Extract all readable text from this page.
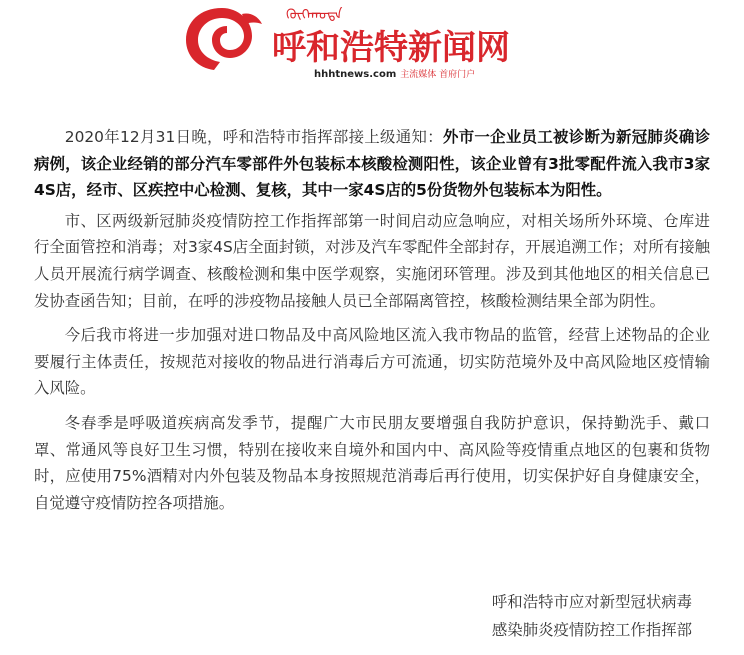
ᠬᠥᠬᠡᠬᠣᠲᠠ
呼和浩特新闻网
hhhtnews.com 主流媒体 首府门户

2020年12月31日晚，呼和浩特市指挥部接上级通知：外市一企业员工被诊断为新冠肺炎确诊病例，该企业经销的部分汽车零部件外包装标本核酸检测阳性，该企业曾有3批零配件流入我市3家4S店，经市、区疾控中心检测、复核，其中一家4S店的5份货物外包装标本为阳性。

市、区两级新冠肺炎疫情防控工作指挥部第一时间启动应急响应，对相关场所外环境、仓库进行全面管控和消毒；对3家4S店全面封锁，对涉及汽车零配件全部封存，开展追溯工作；对所有接触人员开展流行病学调查、核酸检测和集中医学观察，实施闭环管理。涉及到其他地区的相关信息已发协查函告知；目前，在呼的涉疫物品接触人员已全部隔离管控，核酸检测结果全部为阴性。

今后我市将进一步加强对进口物品及中高风险地区流入我市物品的监管，经营上述物品的企业要履行主体责任，按规范对接收的物品进行消毒后方可流通，切实防范境外及中高风险地区疫情输入风险。

冬春季是呼吸道疾病高发季节，提醒广大市民朋友要增强自我防护意识，保持勤洗手、戴口罩、常通风等良好卫生习惯，特别在接收来自境外和国内中、高风险等疫情重点地区的包裹和货物时，应使用75%酒精对内外包装及物品本身按照规范消毒后再行使用，切实保护好自身健康安全，自觉遵守疫情防控各项措施。

呼和浩特市应对新型冠状病毒
感染肺炎疫情防控工作指挥部
